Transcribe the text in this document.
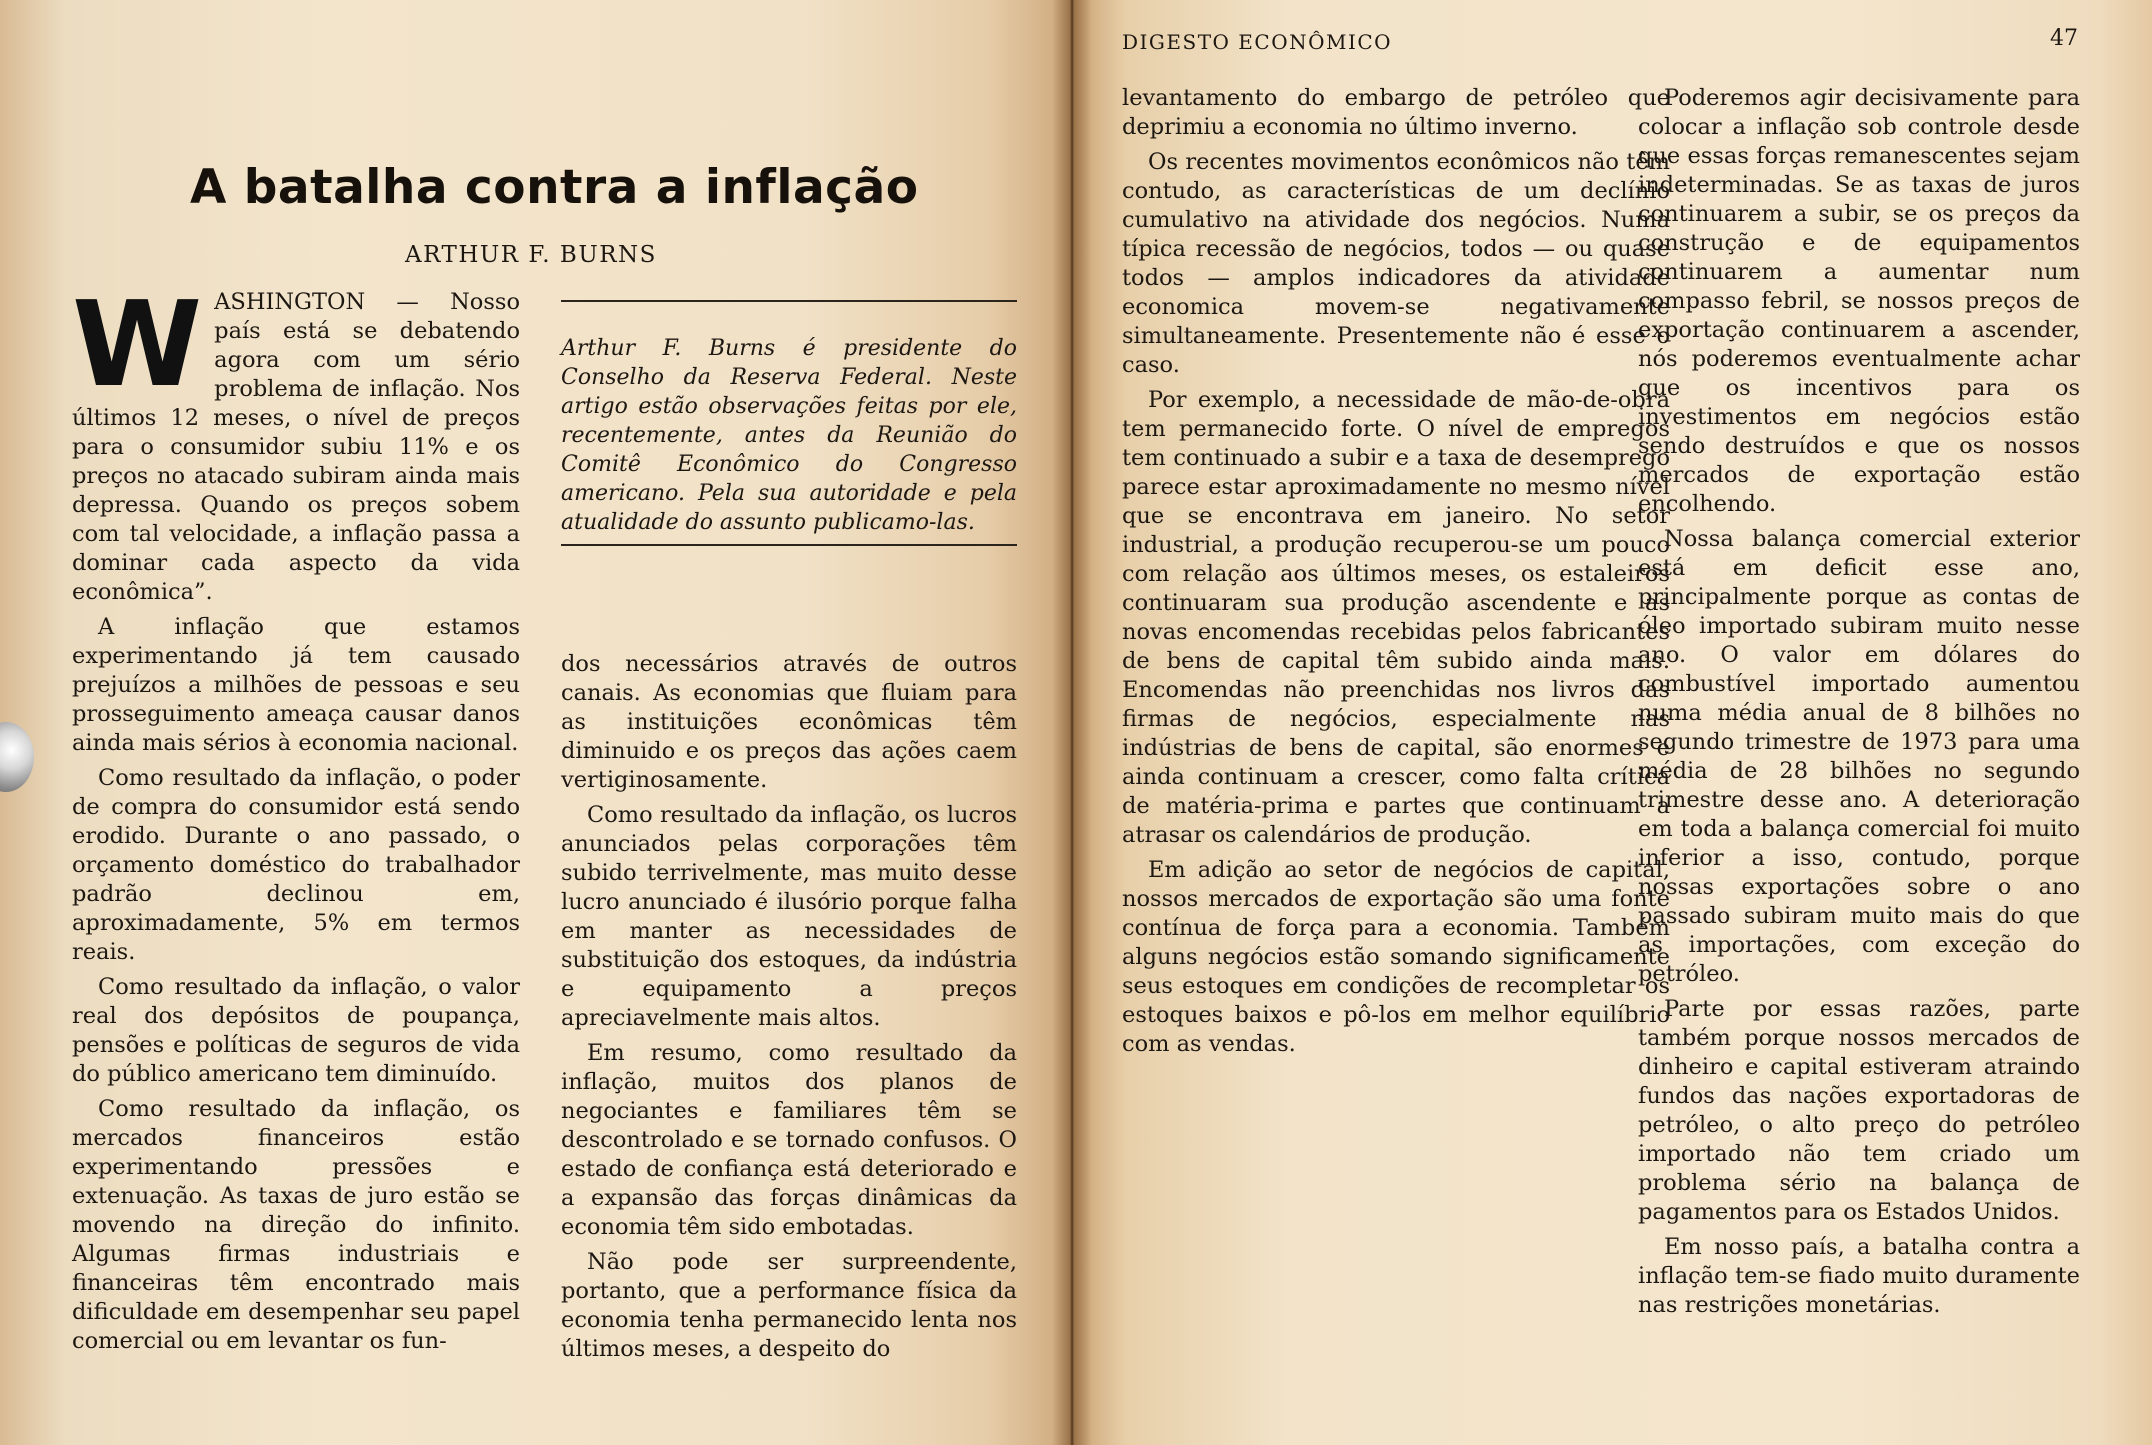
A batalha contra a inflação

ARTHUR F. BURNS

WASHINGTON — Nosso país está se debatendo agora com um sério problema de inflação. Nos últimos 12 meses, o nível de preços para o consumidor subiu 11% e os preços no atacado subiram ainda mais depressa. Quando os preços sobem com tal velocidade, a inflação passa a dominar cada aspecto da vida econômica”.

A inflação que estamos experimentando já tem causado prejuízos a milhões de pessoas e seu prosseguimento ameaça causar danos ainda mais sérios à economia nacional.

Como resultado da inflação, o poder de compra do consumidor está sendo erodido. Durante o ano passado, o orçamento doméstico do trabalhador padrão declinou em, aproximadamente, 5% em termos reais.

Como resultado da inflação, o valor real dos depósitos de poupança, pensões e políticas de seguros de vida do público americano tem diminuído.

Como resultado da inflação, os mercados financeiros estão experimentando pressões e extenuação. As taxas de juro estão se movendo na direção do infinito. Algumas firmas industriais e financeiras têm encontrado mais dificuldade em desempenhar seu papel comercial ou em levantar os fun-

Arthur F. Burns é presidente do Conselho da Reserva Federal. Neste artigo estão observações feitas por ele, recentemente, antes da Reunião do Comitê Econômico do Congresso americano. Pela sua autoridade e pela atualidade do assunto publicamo-las.

dos necessários através de outros canais. As economias que fluiam para as instituições econômicas têm diminuido e os preços das ações caem vertiginosamente.

Como resultado da inflação, os lucros anunciados pelas corporações têm subido terrivelmente, mas muito desse lucro anunciado é ilusório porque falha em manter as necessidades de substituição dos estoques, da indústria e equipamento a preços apreciavelmente mais altos.

Em resumo, como resultado da inflação, muitos dos planos de negociantes e familiares têm se descontrolado e se tornado confusos. O estado de confiança está deteriorado e a expansão das forças dinâmicas da economia têm sido embotadas.

Não pode ser surpreendente, portanto, que a performance física da economia tenha permanecido lenta nos últimos meses, a despeito do

DIGESTO ECONÔMICO	47

levantamento do embargo de petróleo que deprimiu a economia no último inverno.

Os recentes movimentos econômicos não têm contudo, as características de um declínio cumulativo na atividade dos negócios. Numa típica recessão de negócios, todos — ou quase todos — amplos indicadores da atividade economica movem-se negativamente simultaneamente. Presentemente não é esse o caso.

Por exemplo, a necessidade de mão-de-obra tem permanecido forte. O nível de empregos tem continuado a subir e a taxa de desemprego parece estar aproximadamente no mesmo nível que se encontrava em janeiro. No setor industrial, a produção recuperou-se um pouco com relação aos últimos meses, os estaleiros continuaram sua produção ascendente e as novas encomendas recebidas pelos fabricantes de bens de capital têm subido ainda mais. Encomendas não preenchidas nos livros das firmas de negócios, especialmente nas indústrias de bens de capital, são enormes e ainda continuam a crescer, como falta crítica de matéria-prima e partes que continuam a atrasar os calendários de produção.

Em adição ao setor de negócios de capital, nossos mercados de exportação são uma fonte contínua de força para a economia. Também alguns negócios estão somando significamente seus estoques em condições de recompletar os estoques baixos e pô-los em melhor equilíbrio com as vendas.

Poderemos agir decisivamente para colocar a inflação sob controle desde que essas forças remanescentes sejam indeterminadas. Se as taxas de juros continuarem a subir, se os preços da construção e de equipamentos continuarem a aumentar num compasso febril, se nossos preços de exportação continuarem a ascender, nós poderemos eventualmente achar que os incentivos para os investimentos em negócios estão sendo destruídos e que os nossos mercados de exportação estão encolhendo.

Nossa balança comercial exterior está em deficit esse ano, principalmente porque as contas de óleo importado subiram muito nesse ano. O valor em dólares do combustível importado aumentou numa média anual de 8 bilhões no segundo trimestre de 1973 para uma média de 28 bilhões no segundo trimestre desse ano. A deterioração em toda a balança comercial foi muito inferior a isso, contudo, porque nossas exportações sobre o ano passado subiram muito mais do que as importações, com exceção do petróleo.

Parte por essas razões, parte também porque nossos mercados de dinheiro e capital estiveram atraindo fundos das nações exportadoras de petróleo, o alto preço do petróleo importado não tem criado um problema sério na balança de pagamentos para os Estados Unidos.

Em nosso país, a batalha contra a inflação tem-se fiado muito duramente nas restrições monetárias.
